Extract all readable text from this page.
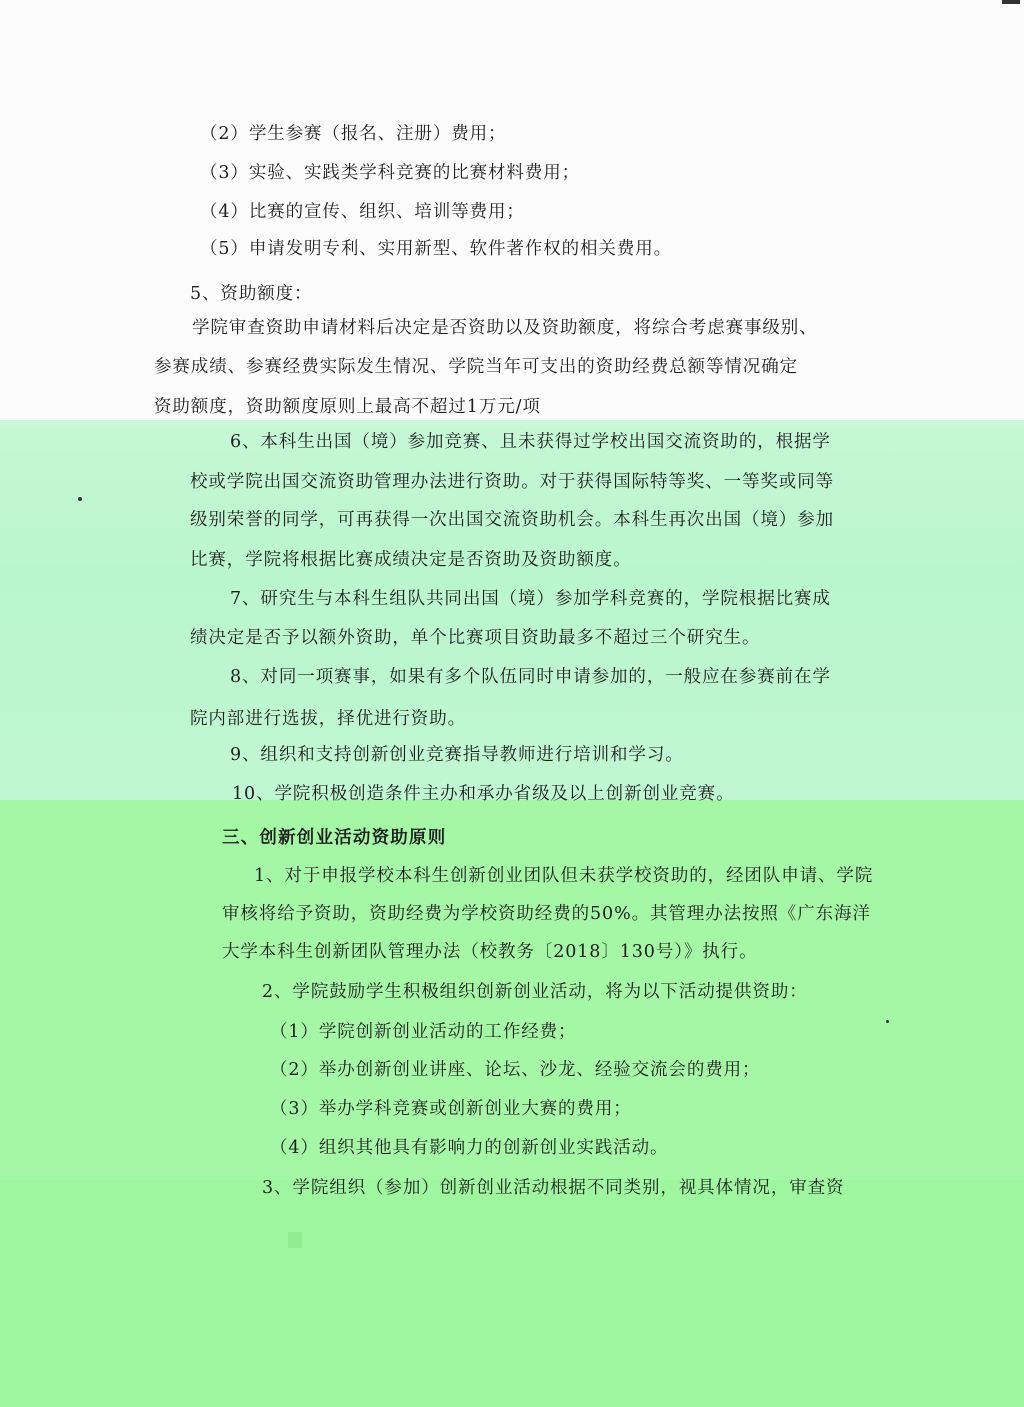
（2）学生参赛（报名、注册）费用；
（3）实验、实践类学科竞赛的比赛材料费用；
（4）比赛的宣传、组织、培训等费用；
（5）申请发明专利、实用新型、软件著作权的相关费用。
5、资助额度：
学院审查资助申请材料后决定是否资助以及资助额度，将综合考虑赛事级别、
参赛成绩、参赛经费实际发生情况、学院当年可支出的资助经费总额等情况确定
资助额度，资助额度原则上最高不超过1万元/项
6、本科生出国（境）参加竞赛、且未获得过学校出国交流资助的，根据学
校或学院出国交流资助管理办法进行资助。对于获得国际特等奖、一等奖或同等
级别荣誉的同学，可再获得一次出国交流资助机会。本科生再次出国（境）参加
比赛，学院将根据比赛成绩决定是否资助及资助额度。
7、研究生与本科生组队共同出国（境）参加学科竞赛的，学院根据比赛成
绩决定是否予以额外资助，单个比赛项目资助最多不超过三个研究生。
8、对同一项赛事，如果有多个队伍同时申请参加的，一般应在参赛前在学
院内部进行选拔，择优进行资助。
9、组织和支持创新创业竞赛指导教师进行培训和学习。
10、学院积极创造条件主办和承办省级及以上创新创业竞赛。
三、创新创业活动资助原则
1、对于申报学校本科生创新创业团队但未获学校资助的，经团队申请、学院
审核将给予资助，资助经费为学校资助经费的50%。其管理办法按照《广东海洋
大学本科生创新团队管理办法（校教务〔2018〕130号）》执行。
2、学院鼓励学生积极组织创新创业活动，将为以下活动提供资助：
（1）学院创新创业活动的工作经费；
（2）举办创新创业讲座、论坛、沙龙、经验交流会的费用；
（3）举办学科竞赛或创新创业大赛的费用；
（4）组织其他具有影响力的创新创业实践活动。
3、学院组织（参加）创新创业活动根据不同类别，视具体情况，审查资
